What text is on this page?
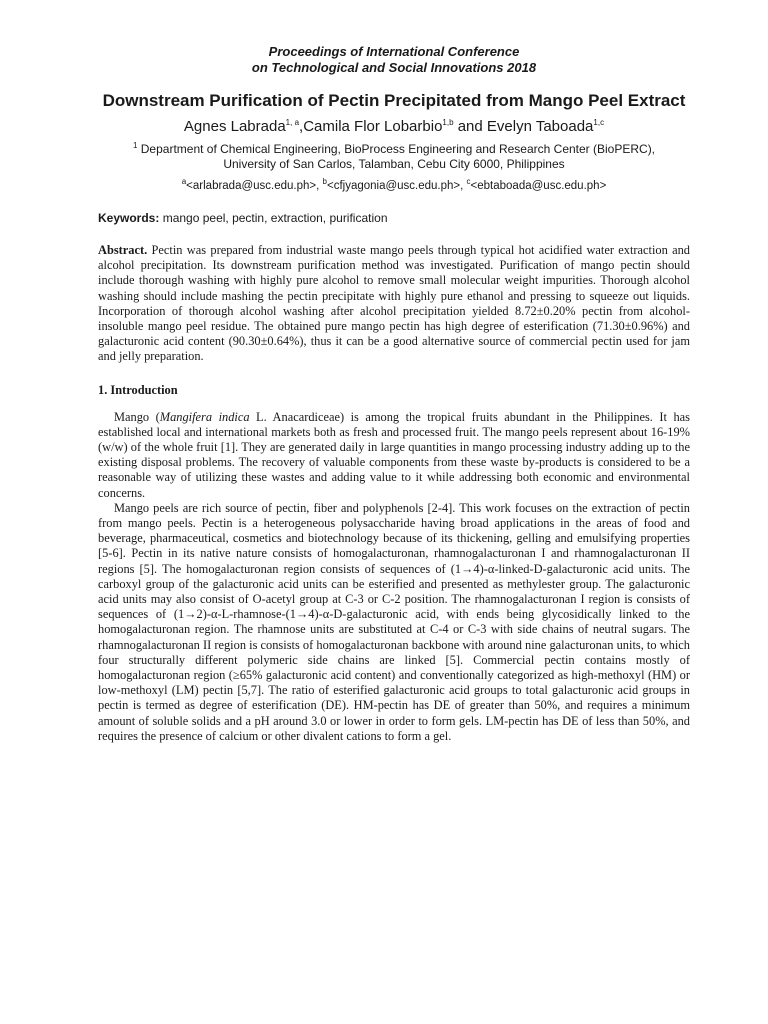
Proceedings of International Conference
on Technological and Social Innovations 2018
Downstream Purification of Pectin Precipitated from Mango Peel Extract
Agnes Labrada$^{1, a}$,Camila Flor Lobarbio$^{1,b}$ and Evelyn Taboada$^{1,c}$
$^1$ Department of Chemical Engineering, BioProcess Engineering and Research Center (BioPERC),
University of San Carlos, Talamban, Cebu City 6000, Philippines
$^a$<arlabrada@usc.edu.ph>, $^b$<cfjyagonia@usc.edu.ph>, $^c$<ebtaboada@usc.edu.ph>
Keywords: mango peel, pectin, extraction, purification
Abstract. Pectin was prepared from industrial waste mango peels through typical hot acidified water extraction and alcohol precipitation. Its downstream purification method was investigated. Purification of mango pectin should include thorough washing with highly pure alcohol to remove small molecular weight impurities. Thorough alcohol washing should include mashing the pectin precipitate with highly pure ethanol and pressing to squeeze out liquids. Incorporation of thorough alcohol washing after alcohol precipitation yielded 8.72±0.20% pectin from alcohol-insoluble mango peel residue. The obtained pure mango pectin has high degree of esterification (71.30±0.96%) and galacturonic acid content (90.30±0.64%), thus it can be a good alternative source of commercial pectin used for jam and jelly preparation.
1. Introduction

Mango (Mangifera indica L. Anacardiceae) is among the tropical fruits abundant in the Philippines. It has established local and international markets both as fresh and processed fruit. The mango peels represent about 16-19% (w/w) of the whole fruit [1]. They are generated daily in large quantities in mango processing industry adding up to the existing disposal problems. The recovery of valuable components from these waste by-products is considered to be a reasonable way of utilizing these wastes and adding value to it while addressing both economic and environmental concerns.

Mango peels are rich source of pectin, fiber and polyphenols [2-4]. This work focuses on the extraction of pectin from mango peels. Pectin is a heterogeneous polysaccharide having broad applications in the areas of food and beverage, pharmaceutical, cosmetics and biotechnology because of its thickening, gelling and emulsifying properties [5-6]. Pectin in its native nature consists of homogalacturonan, rhamnogalacturonan I and rhamnogalacturonan II regions [5]. The homogalacturonan region consists of sequences of (1→4)-α-linked-D-galacturonic acid units. The carboxyl group of the galacturonic acid units can be esterified and presented as methylester group. The galacturonic acid units may also consist of O-acetyl group at C-3 or C-2 position. The rhamnogalacturonan I region is consists of sequences of (1→2)-α-L-rhamnose-(1→4)-α-D-galacturonic acid, with ends being glycosidically linked to the homogalacturonan region. The rhamnose units are substituted at C-4 or C-3 with side chains of neutral sugars. The rhamnogalacturonan II region is consists of homogalacturonan backbone with around nine galacturonan units, to which four structurally different polymeric side chains are linked [5]. Commercial pectin contains mostly of homogalacturonan region (≥65% galacturonic acid content) and conventionally categorized as high-methoxyl (HM) or low-methoxyl (LM) pectin [5,7]. The ratio of esterified galacturonic acid groups to total galacturonic acid groups in pectin is termed as degree of esterification (DE). HM-pectin has DE of greater than 50%, and requires a minimum amount of soluble solids and a pH around 3.0 or lower in order to form gels. LM-pectin has DE of less than 50%, and requires the presence of calcium or other divalent cations to form a gel.
